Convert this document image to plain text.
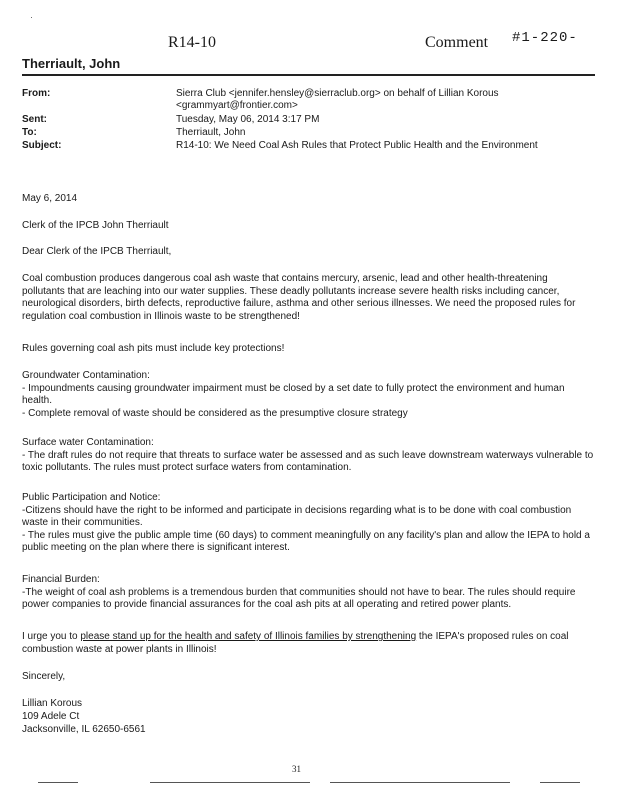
·
R14-10	Comment #1-220-
Therriault, John
From:	Sierra Club <jennifer.hensley@sierraclub.org> on behalf of Lillian Korous <grammyart@frontier.com>
Sent:	Tuesday, May 06, 2014 3:17 PM
To:	Therriault, John
Subject:	R14-10: We Need Coal Ash Rules that Protect Public Health and the Environment
May 6, 2014
Clerk of the IPCB John Therriault
Dear Clerk of the IPCB Therriault,
Coal combustion produces dangerous coal ash waste that contains mercury, arsenic, lead and other health-threatening pollutants that are leaching into our water supplies. These deadly pollutants increase severe health risks including cancer, neurological disorders, birth defects, reproductive failure, asthma and other serious illnesses. We need the proposed rules for regulation coal combustion in Illinois waste to be strengthened!
Rules governing coal ash pits must include key protections!
Groundwater Contamination:
- Impoundments causing groundwater impairment must be closed by a set date to fully protect the environment and human health.
- Complete removal of waste should be considered as the presumptive closure strategy
Surface water Contamination:
- The draft rules do not require that threats to surface water be assessed and as such leave downstream waterways vulnerable to toxic pollutants. The rules must protect surface waters from contamination.
Public Participation and Notice:
-Citizens should have the right to be informed and participate in decisions regarding what is to be done with coal combustion waste in their communities.
- The rules must give the public ample time (60 days) to comment meaningfully on any facility's plan and allow the IEPA to hold a public meeting on the plan where there is significant interest.
Financial Burden:
-The weight of coal ash problems is a tremendous burden that communities should not have to bear. The rules should require power companies to provide financial assurances for the coal ash pits at all operating and retired power plants.
I urge you to please stand up for the health and safety of Illinois families by strengthening the IEPA's proposed rules on coal combustion waste at power plants in Illinois!
Sincerely,
Lillian Korous
109 Adele Ct
Jacksonville, IL 62650-6561
31
